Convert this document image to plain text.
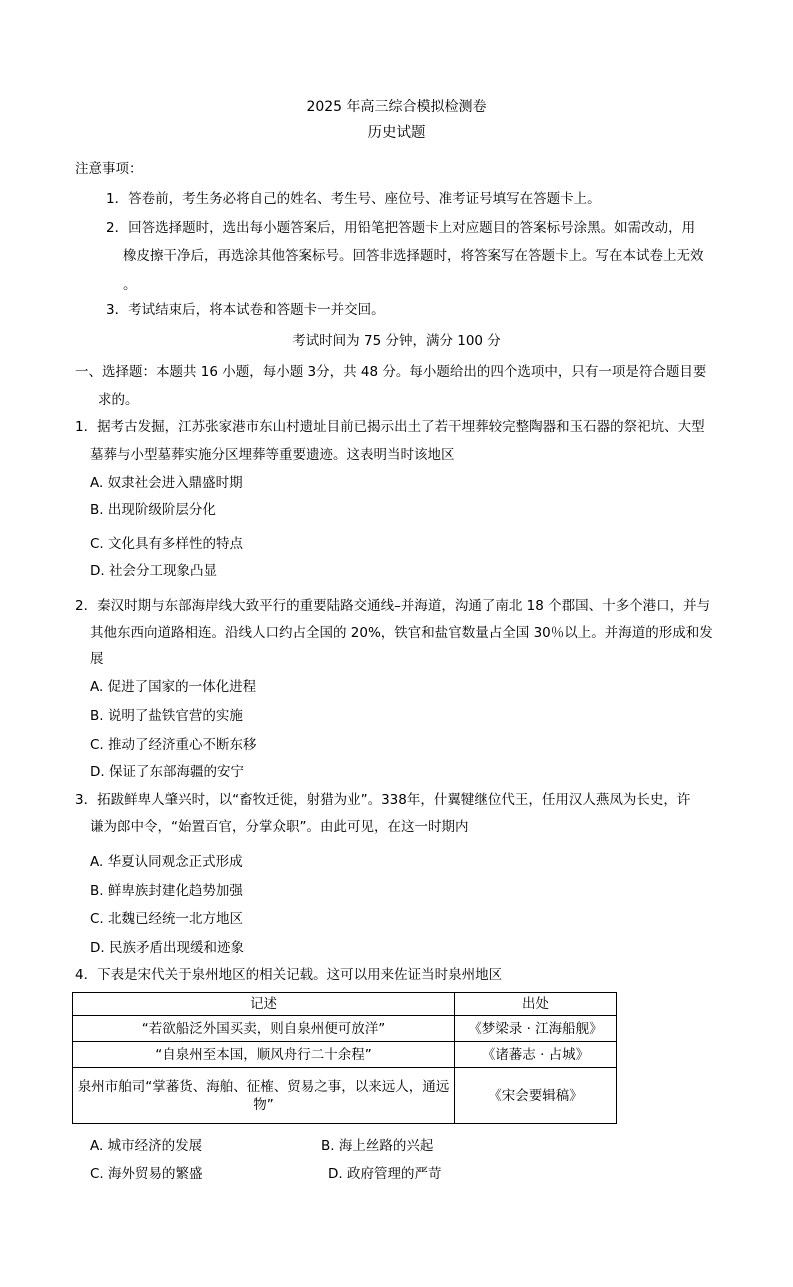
2025 年高三综合模拟检测卷
历史试题
注意事项：
1．答卷前，考生务必将自己的姓名、考生号、座位号、准考证号填写在答题卡上。
2．回答选择题时，选出每小题答案后，用铅笔把答题卡上对应题目的答案标号涂黑。如需改动，用
橡皮擦干净后，再选涂其他答案标号。回答非选择题时，将答案写在答题卡上。写在本试卷上无效
。
3．考试结束后，将本试卷和答题卡一并交回。
考试时间为 75 分钟，满分 100 分
一、选择题：本题共 16 小题，每小题 3分，共 48 分。每小题给出的四个选项中，只有一项是符合题目要
求的。
1．据考古发掘，江苏张家港市东山村遗址目前已揭示出土了若干埋葬较完整陶器和玉石器的祭祀坑、大型
墓葬与小型墓葬实施分区埋葬等重要遗迹。这表明当时该地区
A. 奴隶社会进入鼎盛时期
B. 出现阶级阶层分化
C. 文化具有多样性的特点
D. 社会分工现象凸显
2．秦汉时期与东部海岸线大致平行的重要陆路交通线–并海道，沟通了南北 18 个郡国、十多个港口，并与
其他东西向道路相连。沿线人口约占全国的 20%，铁官和盐官数量占全国 30％以上。并海道的形成和发
展
A. 促进了国家的一体化进程
B. 说明了盐铁官营的实施
C. 推动了经济重心不断东移
D. 保证了东部海疆的安宁
3．拓跋鲜卑人肇兴时，以“畜牧迁徙，射猎为业”。338年，什翼犍继位代王，任用汉人燕凤为长史，许
谦为郎中令，“始置百官，分掌众职”。由此可见，在这一时期内
A. 华夏认同观念正式形成
B. 鲜卑族封建化趋势加强
C. 北魏已经统一北方地区
D. 民族矛盾出现缓和迹象
4．下表是宋代关于泉州地区的相关记载。这可以用来佐证当时泉州地区
记述	出处
“若欲船泛外国买卖，则自泉州便可放洋”	《梦梁录 · 江海船舰》
“自泉州至本国，顺风舟行二十余程”	《诸蕃志 · 占城》
泉州市舶司“掌蕃货、海舶、征榷、贸易之事，以来远人，通远物”	《宋会要辑稿》
A. 城市经济的发展	B. 海上丝路的兴起
C. 海外贸易的繁盛	D. 政府管理的严苛
